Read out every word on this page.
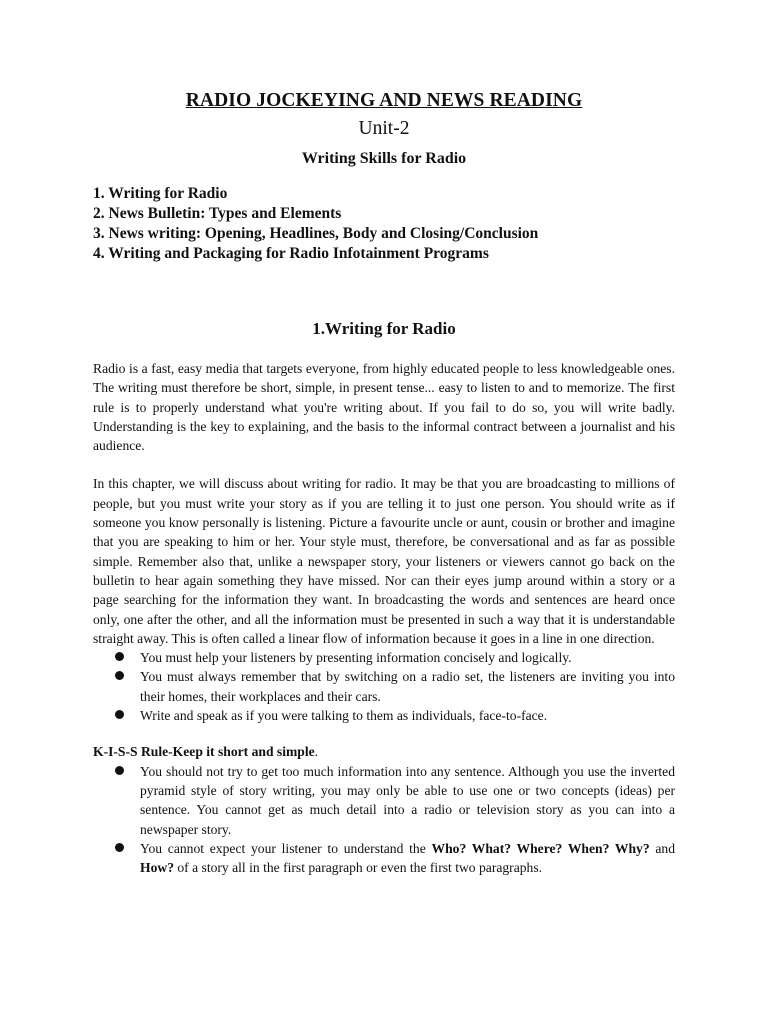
RADIO JOCKEYING AND NEWS READING
Unit-2
Writing Skills for Radio
1. Writing for Radio
2. News Bulletin: Types and Elements
3. News writing: Opening, Headlines, Body and Closing/Conclusion
4. Writing and Packaging for Radio Infotainment Programs
1.Writing for Radio

Radio is a fast, easy media that targets everyone, from highly educated people to less knowledgeable ones. The writing must therefore be short, simple, in present tense... easy to listen to and to memorize. The first rule is to properly understand what you're writing about. If you fail to do so, you will write badly. Understanding is the key to explaining, and the basis to the informal contract between a journalist and his audience.

In this chapter, we will discuss about writing for radio. It may be that you are broadcasting to millions of people, but you must write your story as if you are telling it to just one person. You should write as if someone you know personally is listening. Picture a favourite uncle or aunt, cousin or brother and imagine that you are speaking to him or her. Your style must, therefore, be conversational and as far as possible simple. Remember also that, unlike a newspaper story, your listeners or viewers cannot go back on the bulletin to hear again something they have missed. Nor can their eyes jump around within a story or a page searching for the information they want. In broadcasting the words and sentences are heard once only, one after the other, and all the information must be presented in such a way that it is understandable straight away. This is often called a linear flow of information because it goes in a line in one direction.

You must help your listeners by presenting information concisely and logically.
You must always remember that by switching on a radio set, the listeners are inviting you into their homes, their workplaces and their cars.
Write and speak as if you were talking to them as individuals, face-to-face.

K-I-S-S Rule-Keep it short and simple.

You should not try to get too much information into any sentence. Although you use the inverted pyramid style of story writing, you may only be able to use one or two concepts (ideas) per sentence. You cannot get as much detail into a radio or television story as you can into a newspaper story.
You cannot expect your listener to understand the Who? What? Where? When? Why? and How? of a story all in the first paragraph or even the first two paragraphs.
